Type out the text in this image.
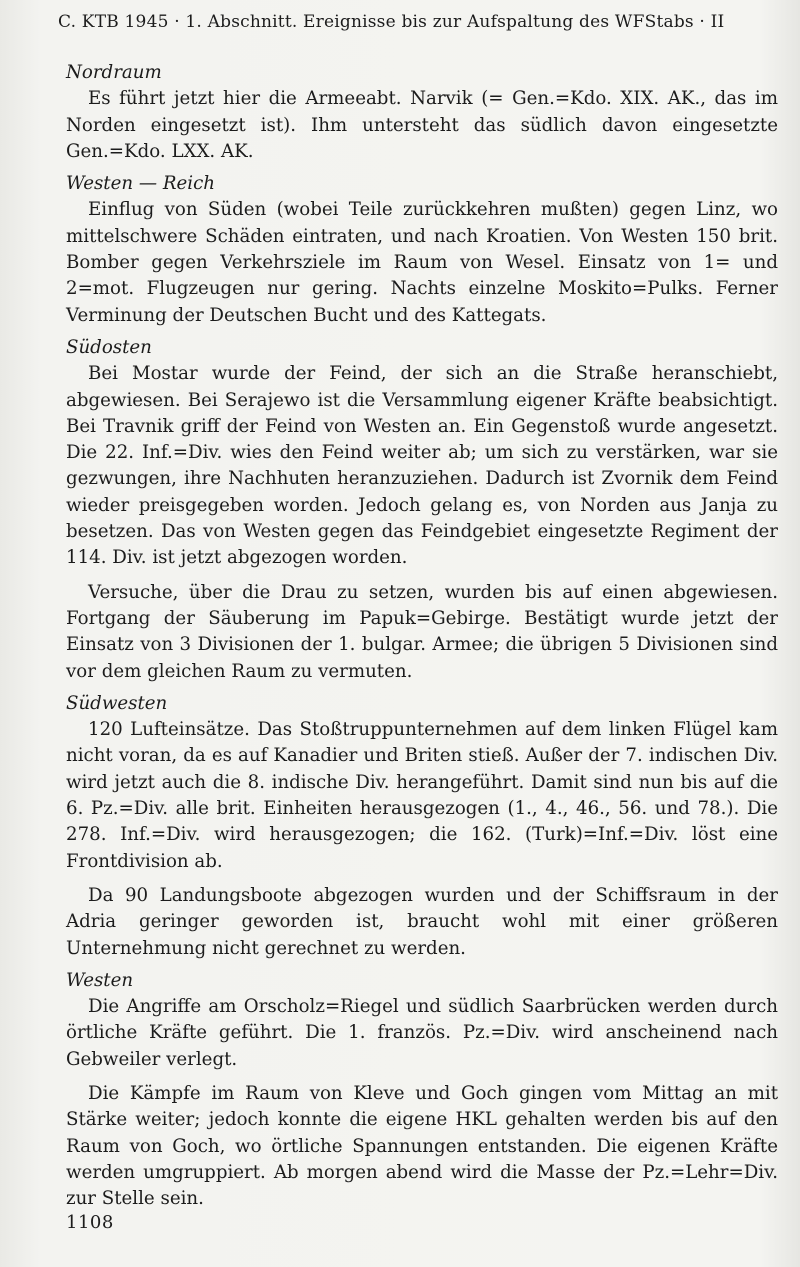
C. KTB 1945 · 1. Abschnitt. Ereignisse bis zur Aufspaltung des WFStabs · II
Nordraum

Es führt jetzt hier die Armeeabt. Narvik (= Gen.=Kdo. XIX. AK., das im Norden eingesetzt ist). Ihm untersteht das südlich davon eingesetzte Gen.=Kdo. LXX. AK.

Westen — Reich

Einflug von Süden (wobei Teile zurückkehren mußten) gegen Linz, wo mittelschwere Schäden eintraten, und nach Kroatien. Von Westen 150 brit. Bomber gegen Verkehrsziele im Raum von Wesel. Einsatz von 1= und 2=mot. Flugzeugen nur gering. Nachts einzelne Moskito=Pulks. Ferner Verminung der Deutschen Bucht und des Kattegats.

Südosten

Bei Mostar wurde der Feind, der sich an die Straße heranschiebt, abgewiesen. Bei Serajewo ist die Versammlung eigener Kräfte beabsichtigt. Bei Travnik griff der Feind von Westen an. Ein Gegenstoß wurde angesetzt. Die 22. Inf.=Div. wies den Feind weiter ab; um sich zu verstärken, war sie gezwungen, ihre Nachhuten heranzuziehen. Dadurch ist Zvornik dem Feind wieder preisgegeben worden. Jedoch gelang es, von Norden aus Janja zu besetzen. Das von Westen gegen das Feindgebiet eingesetzte Regiment der 114. Div. ist jetzt abgezogen worden.

Versuche, über die Drau zu setzen, wurden bis auf einen abgewiesen. Fortgang der Säuberung im Papuk=Gebirge. Bestätigt wurde jetzt der Einsatz von 3 Divisionen der 1. bulgar. Armee; die übrigen 5 Divisionen sind vor dem gleichen Raum zu vermuten.

Südwesten

120 Lufteinsätze. Das Stoßtruppunternehmen auf dem linken Flügel kam nicht voran, da es auf Kanadier und Briten stieß. Außer der 7. indischen Div. wird jetzt auch die 8. indische Div. herangeführt. Damit sind nun bis auf die 6. Pz.=Div. alle brit. Einheiten herausgezogen (1., 4., 46., 56. und 78.). Die 278. Inf.=Div. wird herausgezogen; die 162. (Turk)=Inf.=Div. löst eine Frontdivision ab.

Da 90 Landungsboote abgezogen wurden und der Schiffsraum in der Adria geringer geworden ist, braucht wohl mit einer größeren Unternehmung nicht gerechnet zu werden.

Westen

Die Angriffe am Orscholz=Riegel und südlich Saarbrücken werden durch örtliche Kräfte geführt. Die 1. französ. Pz.=Div. wird anscheinend nach Gebweiler verlegt.

Die Kämpfe im Raum von Kleve und Goch gingen vom Mittag an mit Stärke weiter; jedoch konnte die eigene HKL gehalten werden bis auf den Raum von Goch, wo örtliche Spannungen entstanden. Die eigenen Kräfte werden umgruppiert. Ab morgen abend wird die Masse der Pz.=Lehr=Div. zur Stelle sein.

1108
